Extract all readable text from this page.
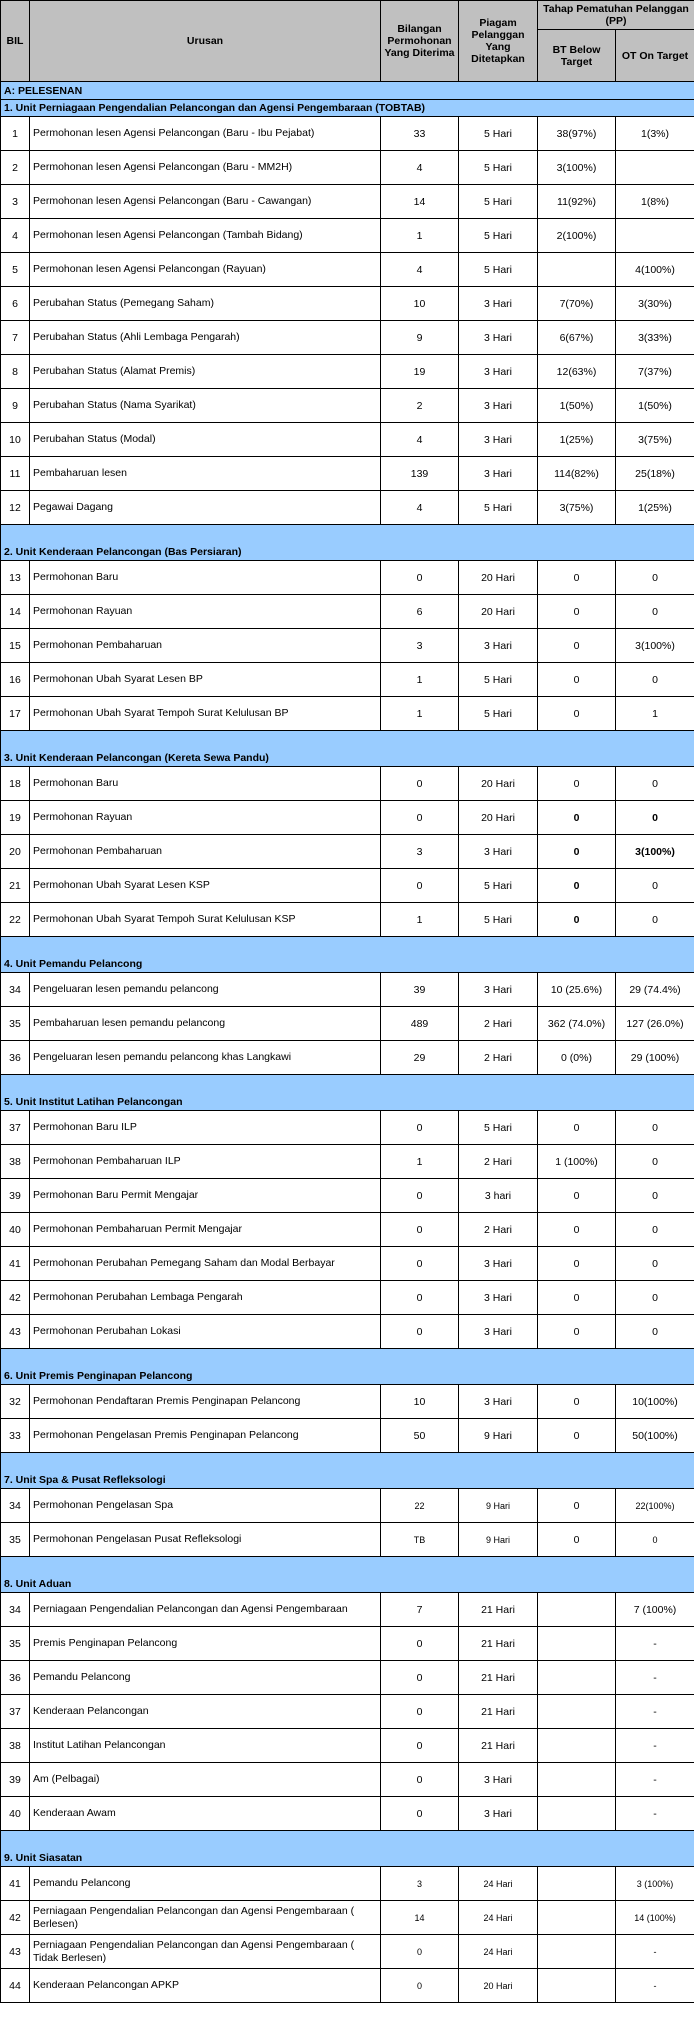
BIL	Urusan	Bilangan Permohonan Yang Diterima	Piagam Pelanggan Yang Ditetapkan	Tahap Pematuhan Pelanggan (PP)	
				BT Below Target	OT On Target
A: PELESENAN					
1. Unit Perniagaan Pengendalian Pelancongan dan Agensi Pengembaraan (TOBTAB)					
1	Permohonan lesen Agensi Pelancongan (Baru - Ibu Pejabat)	33	5 Hari	38(97%)	1(3%)
2	Permohonan lesen Agensi Pelancongan (Baru - MM2H)	4	5 Hari	3(100%)	
3	Permohonan lesen Agensi Pelancongan (Baru - Cawangan)	14	5 Hari	11(92%)	1(8%)
4	Permohonan lesen Agensi Pelancongan (Tambah Bidang)	1	5 Hari	2(100%)	
5	Permohonan lesen Agensi Pelancongan (Rayuan)	4	5 Hari		4(100%)
6	Perubahan Status (Pemegang Saham)	10	3 Hari	7(70%)	3(30%)
7	Perubahan Status (Ahli Lembaga Pengarah)	9	3 Hari	6(67%)	3(33%)
8	Perubahan Status (Alamat Premis)	19	3 Hari	12(63%)	7(37%)
9	Perubahan Status (Nama Syarikat)	2	3 Hari	1(50%)	1(50%)
10	Perubahan Status (Modal)	4	3 Hari	1(25%)	3(75%)
11	Pembaharuan lesen	139	3 Hari	114(82%)	25(18%)
12	Pegawai Dagang	4	5 Hari	3(75%)	1(25%)
2. Unit Kenderaan Pelancongan (Bas Persiaran)					
13	Permohonan Baru	0	20 Hari	0	0
14	Permohonan Rayuan	6	20 Hari	0	0
15	Permohonan Pembaharuan	3	3 Hari	0	3(100%)
16	Permohonan Ubah Syarat Lesen BP	1	5 Hari	0	0
17	Permohonan Ubah Syarat Tempoh Surat Kelulusan BP	1	5 Hari	0	1
3. Unit Kenderaan Pelancongan (Kereta Sewa Pandu)					
18	Permohonan Baru	0	20 Hari	0	0
19	Permohonan Rayuan	0	20 Hari	0	0
20	Permohonan Pembaharuan	3	3 Hari	0	3(100%)
21	Permohonan Ubah Syarat Lesen KSP	0	5 Hari	0	0
22	Permohonan Ubah Syarat Tempoh Surat Kelulusan KSP	1	5 Hari	0	0
4. Unit Pemandu Pelancong					
34	Pengeluaran lesen pemandu pelancong	39	3 Hari	10 (25.6%)	29 (74.4%)
35	Pembaharuan lesen pemandu pelancong	489	2 Hari	362 (74.0%)	127 (26.0%)
36	Pengeluaran lesen pemandu pelancong khas Langkawi	29	2 Hari	0 (0%)	29 (100%)
5. Unit Institut Latihan Pelancongan					
37	Permohonan Baru ILP	0	5 Hari	0	0
38	Permohonan Pembaharuan ILP	1	2 Hari	1 (100%)	0
39	Permohonan Baru Permit Mengajar	0	3 hari	0	0
40	Permohonan Pembaharuan Permit Mengajar	0	2 Hari	0	0
41	Permohonan Perubahan Pemegang Saham dan Modal Berbayar	0	3 Hari	0	0
42	Permohonan Perubahan Lembaga Pengarah	0	3 Hari	0	0
43	Permohonan Perubahan Lokasi	0	3 Hari	0	0
6. Unit Premis Penginapan Pelancong					
32	Permohonan Pendaftaran Premis Penginapan Pelancong	10	3 Hari	0	10(100%)
33	Permohonan Pengelasan Premis Penginapan Pelancong	50	9 Hari	0	50(100%)
7. Unit Spa & Pusat Refleksologi					
34	Permohonan Pengelasan Spa	22	9 Hari	0	22(100%)
35	Permohonan Pengelasan Pusat Refleksologi	TB	9 Hari	0	0
8. Unit Aduan					
34	Perniagaan Pengendalian Pelancongan dan Agensi Pengembaraan	7	21 Hari		7 (100%)
35	Premis Penginapan Pelancong	0	21 Hari		-
36	Pemandu Pelancong	0	21 Hari		-
37	Kenderaan Pelancongan	0	21 Hari		-
38	Institut Latihan Pelancongan	0	21 Hari		-
39	Am (Pelbagai)	0	3 Hari		-
40	Kenderaan Awam	0	3 Hari		-
9. Unit Siasatan					
41	Pemandu Pelancong	3	24 Hari		3 (100%)
42	Perniagaan Pengendalian Pelancongan dan Agensi Pengembaraan ( Berlesen)	14	24 Hari		14 (100%)
43	Perniagaan Pengendalian Pelancongan dan Agensi Pengembaraan ( Tidak Berlesen)	0	24 Hari		-
44	Kenderaan Pelancongan APKP	0	20 Hari		-
